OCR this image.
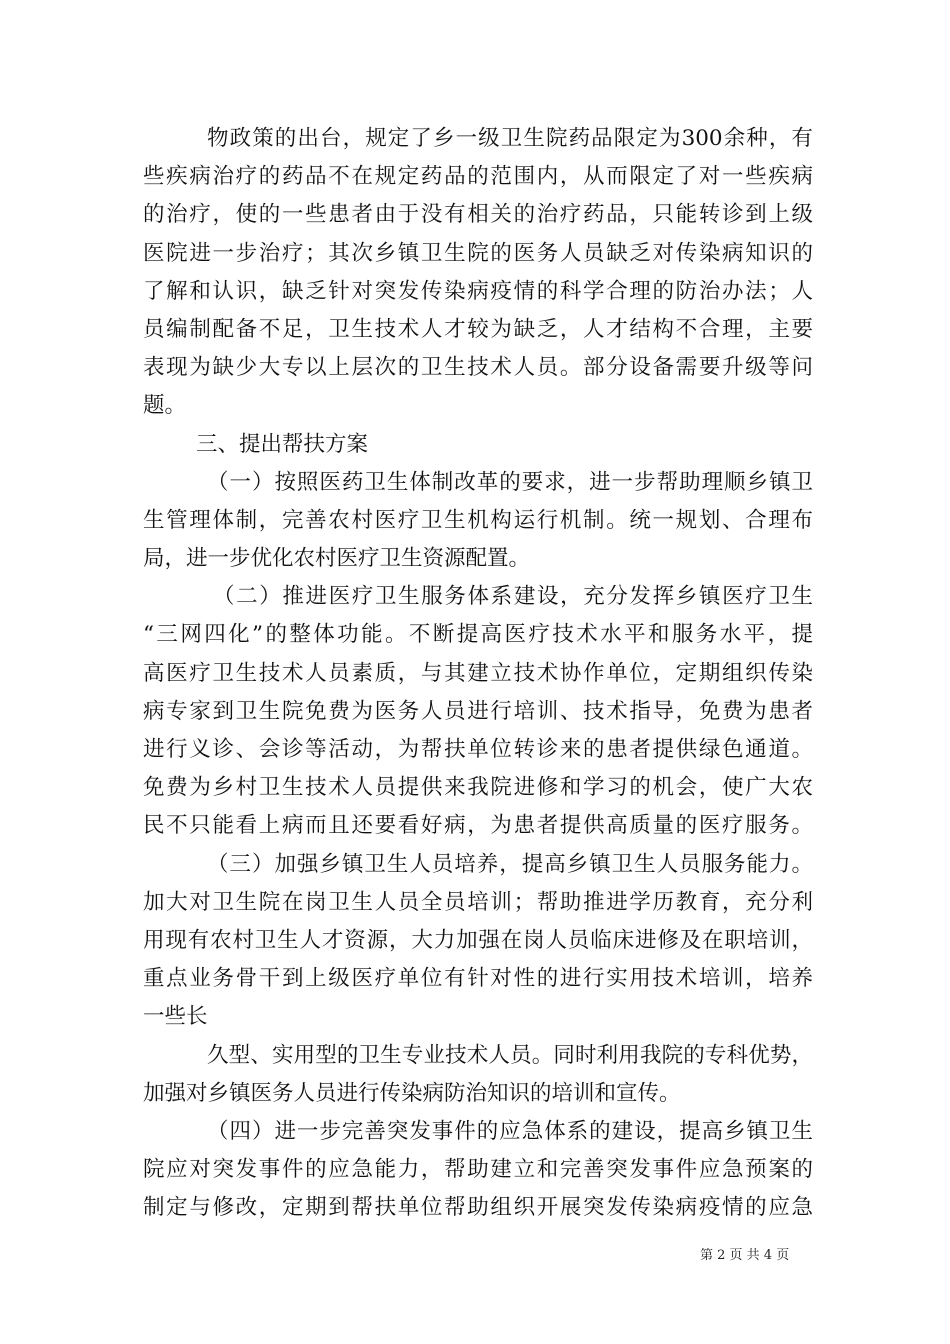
物政策的出台，规定了乡一级卫生院药品限定为300余种，有
些疾病治疗的药品不在规定药品的范围内，从而限定了对一些疾病
的治疗，使的一些患者由于没有相关的治疗药品，只能转诊到上级
医院进一步治疗；其次乡镇卫生院的医务人员缺乏对传染病知识的
了解和认识，缺乏针对突发传染病疫情的科学合理的防治办法；人
员编制配备不足，卫生技术人才较为缺乏，人才结构不合理，主要
表现为缺少大专以上层次的卫生技术人员。部分设备需要升级等问
题。
三、提出帮扶方案
（一）按照医药卫生体制改革的要求，进一步帮助理顺乡镇卫
生管理体制，完善农村医疗卫生机构运行机制。统一规划、合理布
局，进一步优化农村医疗卫生资源配置。
（二）推进医疗卫生服务体系建设，充分发挥乡镇医疗卫生
“三网四化”的整体功能。不断提高医疗技术水平和服务水平，提
高医疗卫生技术人员素质，与其建立技术协作单位，定期组织传染
病专家到卫生院免费为医务人员进行培训、技术指导，免费为患者
进行义诊、会诊等活动，为帮扶单位转诊来的患者提供绿色通道。
免费为乡村卫生技术人员提供来我院进修和学习的机会，使广大农
民不只能看上病而且还要看好病，为患者提供高质量的医疗服务。
（三）加强乡镇卫生人员培养，提高乡镇卫生人员服务能力。
加大对卫生院在岗卫生人员全员培训；帮助推进学历教育，充分利
用现有农村卫生人才资源，大力加强在岗人员临床进修及在职培训，
重点业务骨干到上级医疗单位有针对性的进行实用技术培训，培养
一些长
久型、实用型的卫生专业技术人员。同时利用我院的专科优势，
加强对乡镇医务人员进行传染病防治知识的培训和宣传。
（四）进一步完善突发事件的应急体系的建设，提高乡镇卫生
院应对突发事件的应急能力，帮助建立和完善突发事件应急预案的
制定与修改，定期到帮扶单位帮助组织开展突发传染病疫情的应急
第 2 页 共 4 页
